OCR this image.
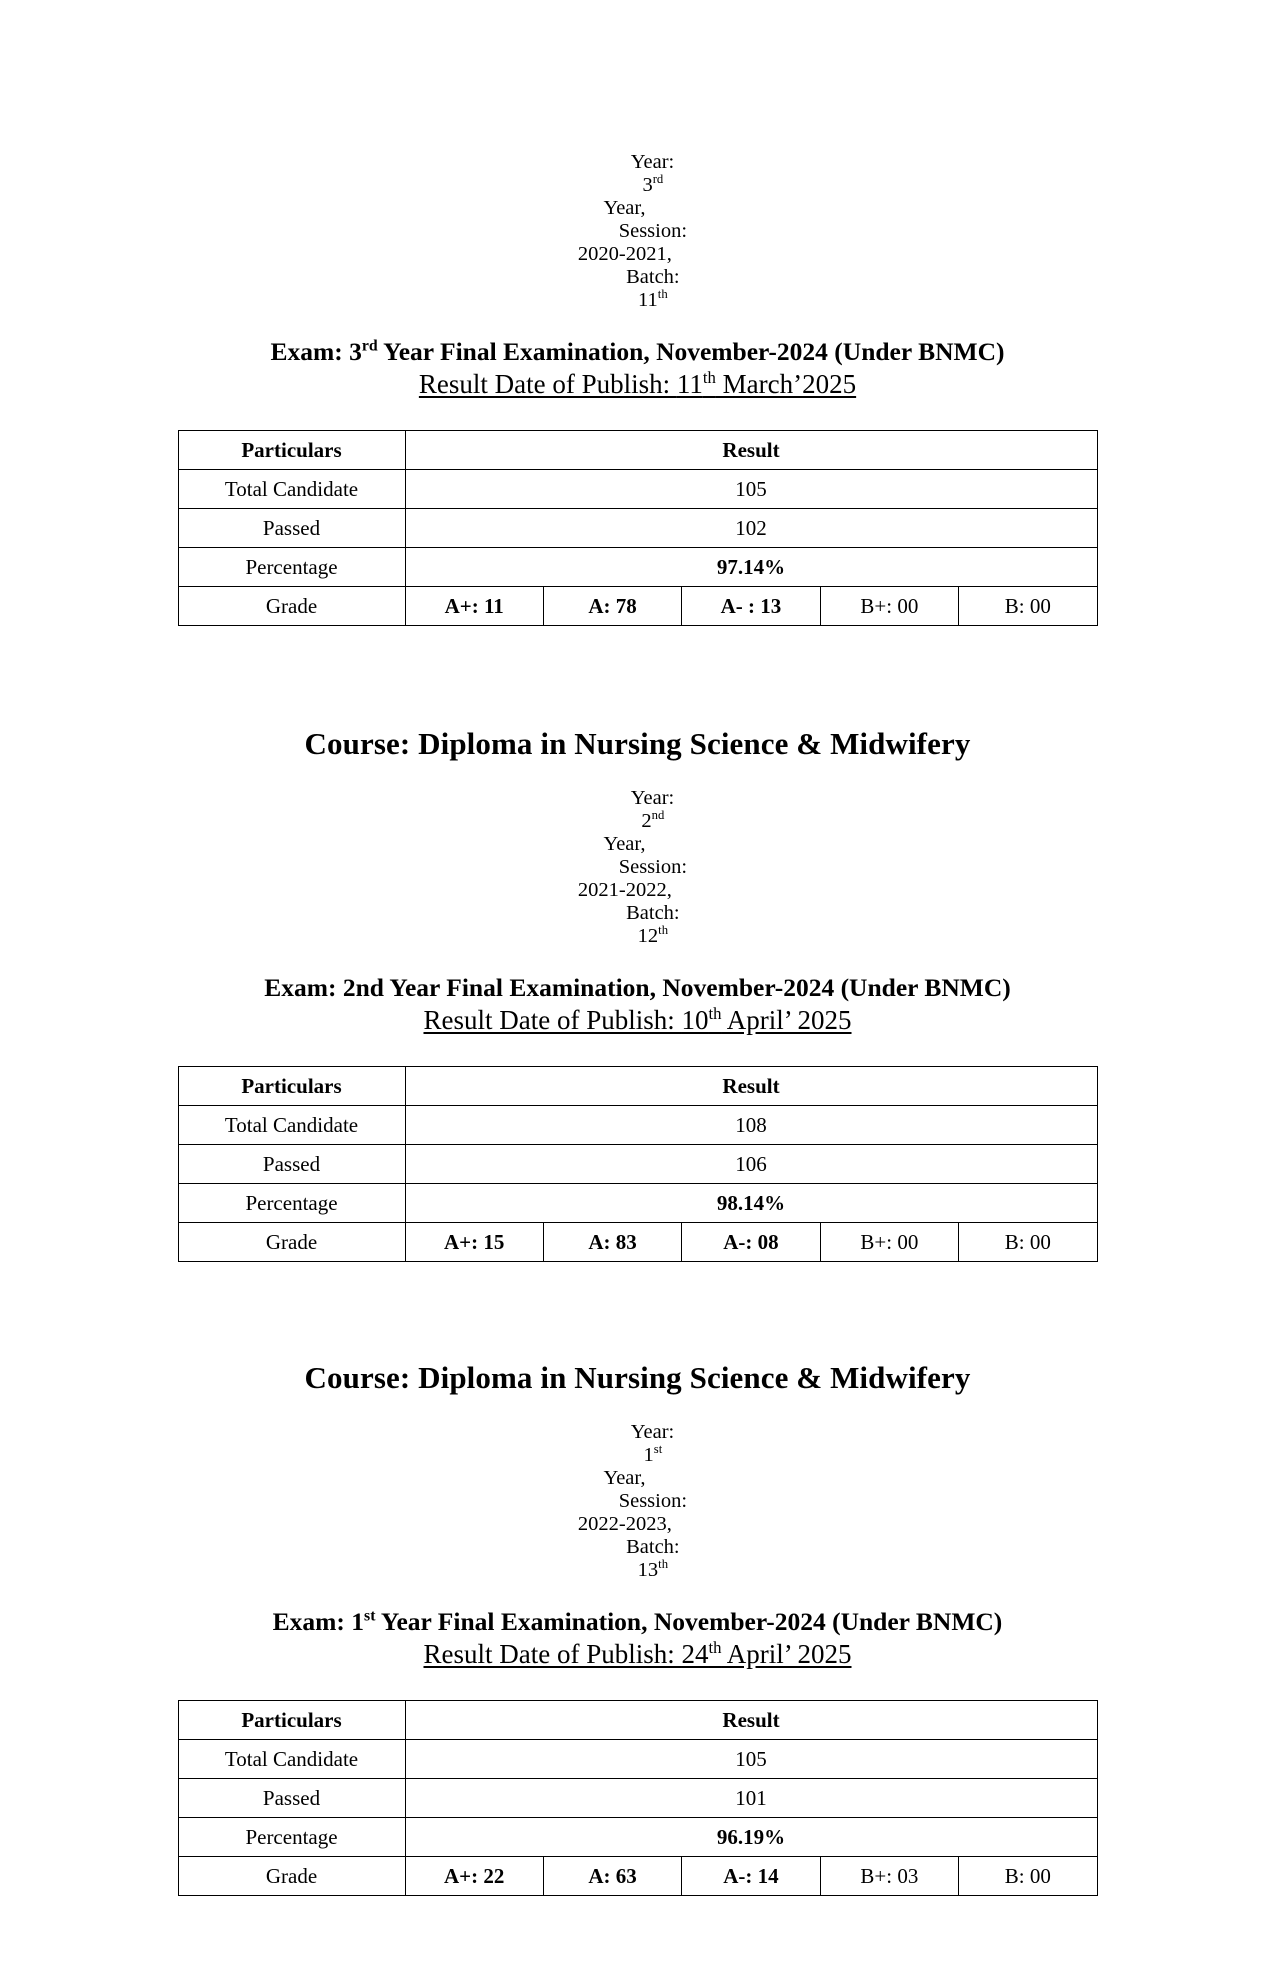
Year:
3rd
Year,
Session:
2020-2021,
Batch:
11th

Exam: 3rd Year Final Examination, November-2024 (Under BNMC)
Result Date of Publish: 11th March’2025
Particulars	Result				
Total Candidate	105				
Passed	102				
Percentage	97.14%				
Grade	A+: 11	A: 78	A- : 13	B+: 00	B: 00
Course: Diploma in Nursing Science & Midwifery

Year:
2nd
Year,
Session:
2021-2022,
Batch:
12th

Exam: 2nd Year Final Examination, November-2024 (Under BNMC)
Result Date of Publish: 10th April’ 2025
Particulars	Result				
Total Candidate	108				
Passed	106				
Percentage	98.14%				
Grade	A+: 15	A: 83	A-: 08	B+: 00	B: 00
Course: Diploma in Nursing Science & Midwifery

Year:
1st
Year,
Session:
2022-2023,
Batch:
13th

Exam: 1st Year Final Examination, November-2024 (Under BNMC)
Result Date of Publish: 24th April’ 2025
Particulars	Result				
Total Candidate	105				
Passed	101				
Percentage	96.19%				
Grade	A+: 22	A: 63	A-: 14	B+: 03	B: 00
